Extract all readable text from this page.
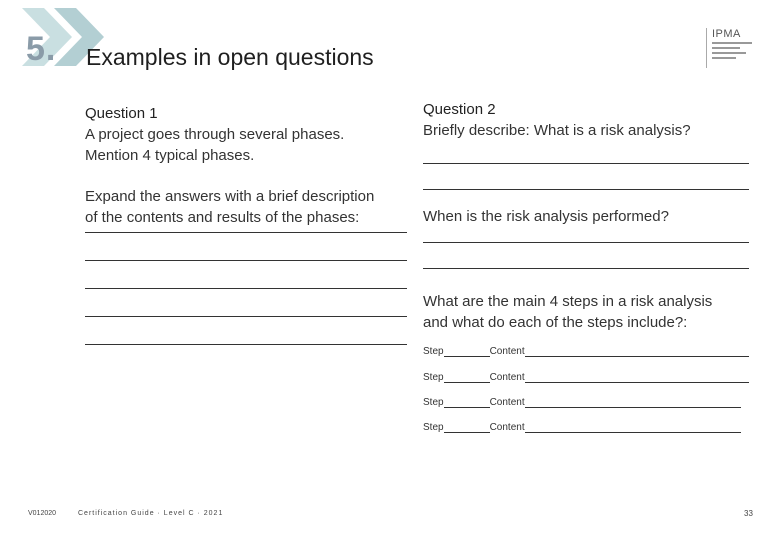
5. Examples in open questions
IPMA
Question 1
A project goes through several phases.
Mention 4 typical phases.
Expand the answers with a brief description
of the contents and results of the phases:
Question 2
Briefly describe: What is a risk analysis?
When is the risk analysis performed?
What are the main 4 steps in a risk analysis
and what do each of the steps include?:
Step	Content
Step	Content
Step	Content
Step	Content
V012020	Certification Guide · Level C · 2021	33
